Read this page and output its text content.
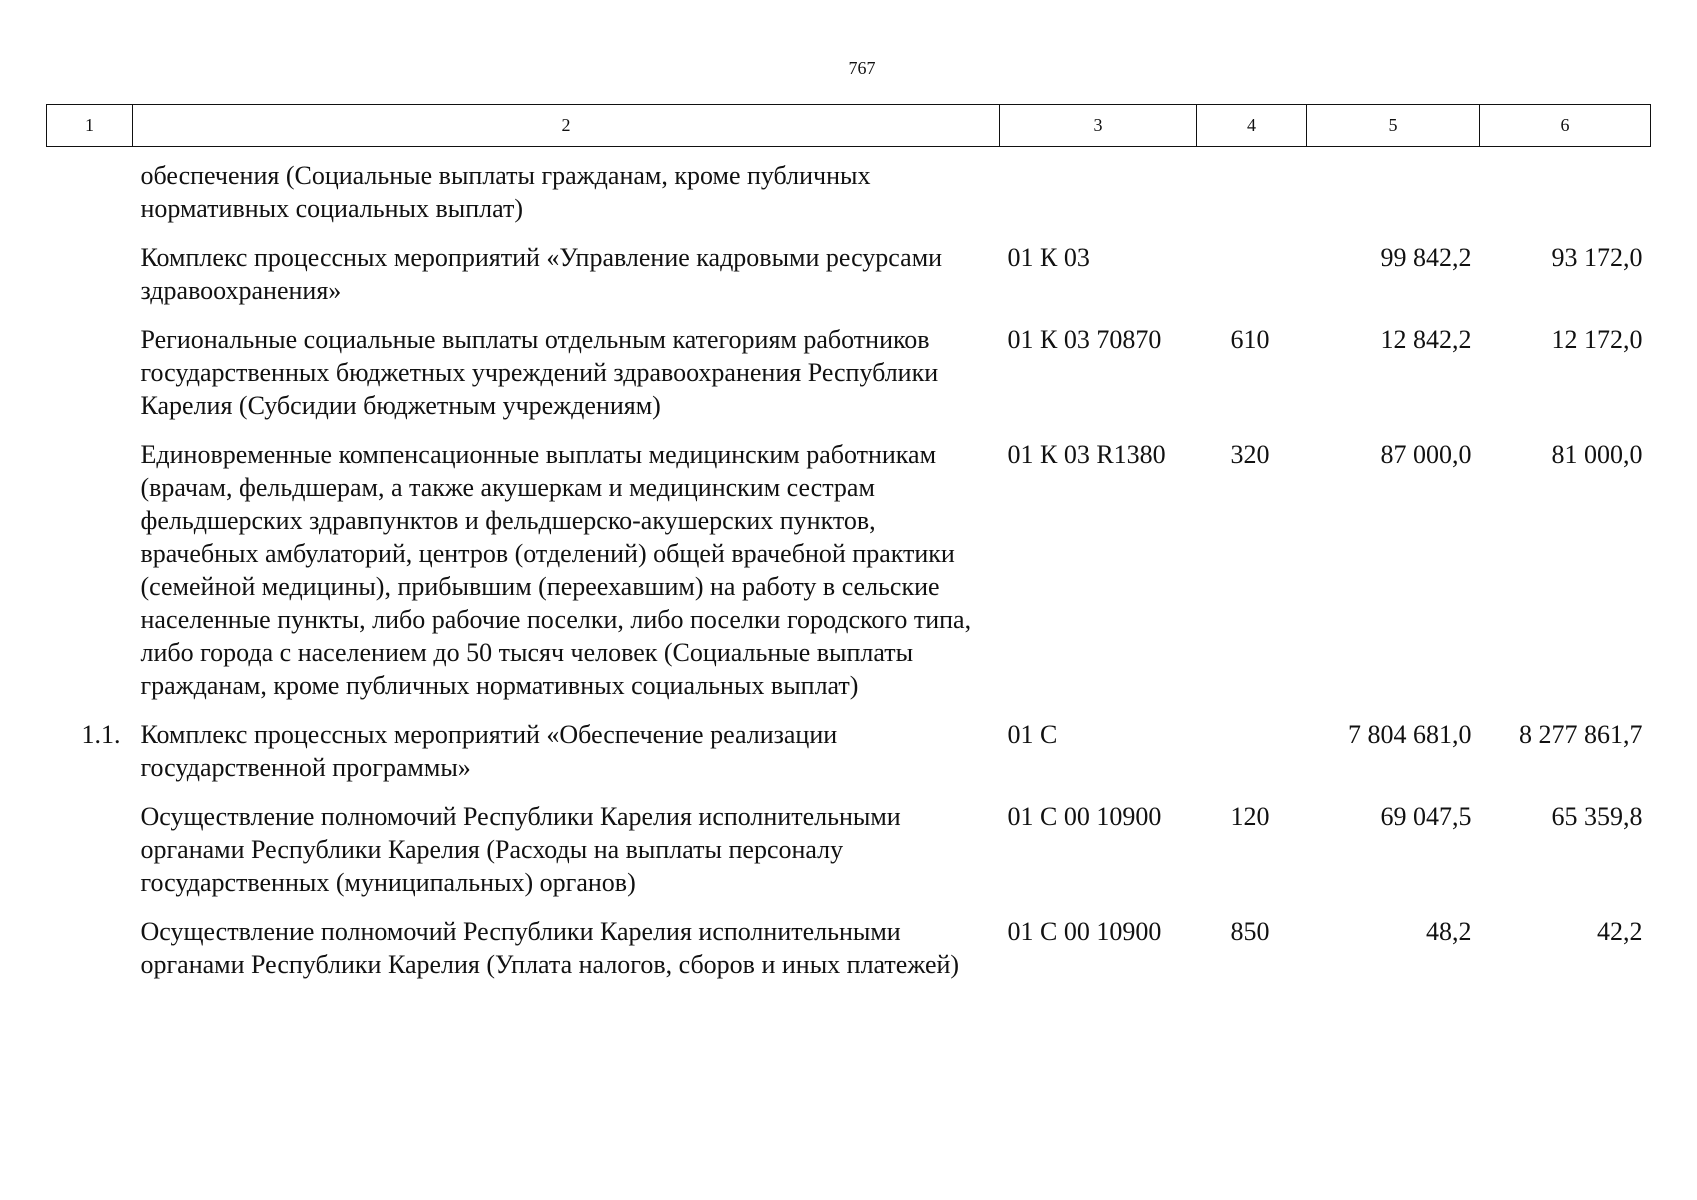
767
1	2	3	4	5	6
	обеспечения (Социальные выплаты гражданам, кроме публичных нормативных социальных выплат)				
	Комплекс процессных мероприятий «Управление кадровыми ресурсами здравоохранения»	01 К 03		99 842,2	93 172,0
	Региональные социальные выплаты отдельным категориям работников государственных бюджетных учреждений здравоохранения Республики Карелия (Субсидии бюджетным учреждениям)	01 К 03 70870	610	12 842,2	12 172,0
	Единовременные компенсационные выплаты медицинским работникам (врачам, фельдшерам, а также акушеркам и медицинским сестрам фельдшерских здравпунктов и фельдшерско-акушерских пунктов, врачебных амбулаторий, центров (отделений) общей врачебной практики (семейной медицины), прибывшим (переехавшим) на работу в сельские населенные пункты, либо рабочие поселки, либо поселки городского типа, либо города с населением до 50 тысяч человек (Социальные выплаты гражданам, кроме публичных нормативных социальных выплат)	01 К 03 R1380	320	87 000,0	81 000,0
1.1.	Комплекс процессных мероприятий «Обеспечение реализации государственной программы»	01 С		7 804 681,0	8 277 861,7
	Осуществление полномочий Республики Карелия исполнительными органами Республики Карелия (Расходы на выплаты персоналу государственных (муниципальных) органов)	01 С 00 10900	120	69 047,5	65 359,8
	Осуществление полномочий Республики Карелия исполнительными органами Республики Карелия (Уплата налогов, сборов и иных платежей)	01 С 00 10900	850	48,2	42,2
